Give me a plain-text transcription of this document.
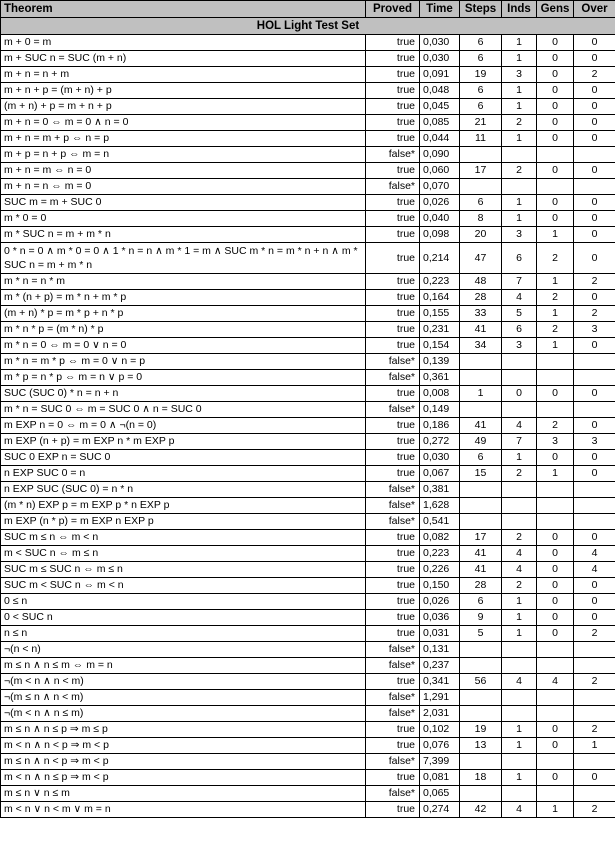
Theorem	Proved	Time	Steps	Inds	Gens	Over
HOL Light Test Set						
m + 0 = m	true	0,030	6	1	0	0
m + SUC n = SUC (m + n)	true	0,030	6	1	0	0
m + n = n + m	true	0,091	19	3	0	2
m + n + p = (m + n) + p	true	0,048	6	1	0	0
(m + n) + p = m + n + p	true	0,045	6	1	0	0
m + n = 0 ⇔ m = 0 ∧ n = 0	true	0,085	21	2	0	0
m + n = m + p ⇔ n = p	true	0,044	11	1	0	0
m + p = n + p ⇔ m = n	false*	0,090				
m + n = m ⇔ n = 0	true	0,060	17	2	0	0
m + n = n ⇔ m = 0	false*	0,070				
SUC m = m + SUC 0	true	0,026	6	1	0	0
m * 0 = 0	true	0,040	8	1	0	0
m * SUC n = m + m * n	true	0,098	20	3	1	0
0 * n = 0 ∧ m * 0 = 0 ∧ 1 * n = n ∧ m * 1 = m ∧ SUC m * n = m * n + n ∧ m * SUC n = m + m * n	true	0,214	47	6	2	0
m * n = n * m	true	0,223	48	7	1	2
m * (n + p) = m * n + m * p	true	0,164	28	4	2	0
(m + n) * p = m * p + n * p	true	0,155	33	5	1	2
m * n * p = (m * n) * p	true	0,231	41	6	2	3
m * n = 0 ⇔ m = 0 ∨ n = 0	true	0,154	34	3	1	0
m * n = m * p ⇔ m = 0 ∨ n = p	false*	0,139				
m * p = n * p ⇔ m = n ∨ p = 0	false*	0,361				
SUC (SUC 0) * n = n + n	true	0,008	1	0	0	0
m * n = SUC 0 ⇔ m = SUC 0 ∧ n = SUC 0	false*	0,149				
m EXP n = 0 ⇔ m = 0 ∧ ¬(n = 0)	true	0,186	41	4	2	0
m EXP (n + p) = m EXP n * m EXP p	true	0,272	49	7	3	3
SUC 0 EXP n = SUC 0	true	0,030	6	1	0	0
n EXP SUC 0 = n	true	0,067	15	2	1	0
n EXP SUC (SUC 0) = n * n	false*	0,381				
(m * n) EXP p = m EXP p * n EXP p	false*	1,628				
m EXP (n * p) = m EXP n EXP p	false*	0,541				
SUC m ≤ n ⇔ m < n	true	0,082	17	2	0	0
m < SUC n ⇔ m ≤ n	true	0,223	41	4	0	4
SUC m ≤ SUC n ⇔ m ≤ n	true	0,226	41	4	0	4
SUC m < SUC n ⇔ m < n	true	0,150	28	2	0	0
0 ≤ n	true	0,026	6	1	0	0
0 < SUC n	true	0,036	9	1	0	0
n ≤ n	true	0,031	5	1	0	2
¬(n < n)	false*	0,131				
m ≤ n ∧ n ≤ m ⇔ m = n	false*	0,237				
¬(m < n ∧ n < m)	true	0,341	56	4	4	2
¬(m ≤ n ∧ n < m)	false*	1,291				
¬(m < n ∧ n ≤ m)	false*	2,031				
m ≤ n ∧ n ≤ p ⇒ m ≤ p	true	0,102	19	1	0	2
m < n ∧ n < p ⇒ m < p	true	0,076	13	1	0	1
m ≤ n ∧ n < p ⇒ m < p	false*	7,399				
m < n ∧ n ≤ p ⇒ m < p	true	0,081	18	1	0	0
m ≤ n ∨ n ≤ m	false*	0,065				
m < n ∨ n < m ∨ m = n	true	0,274	42	4	1	2
